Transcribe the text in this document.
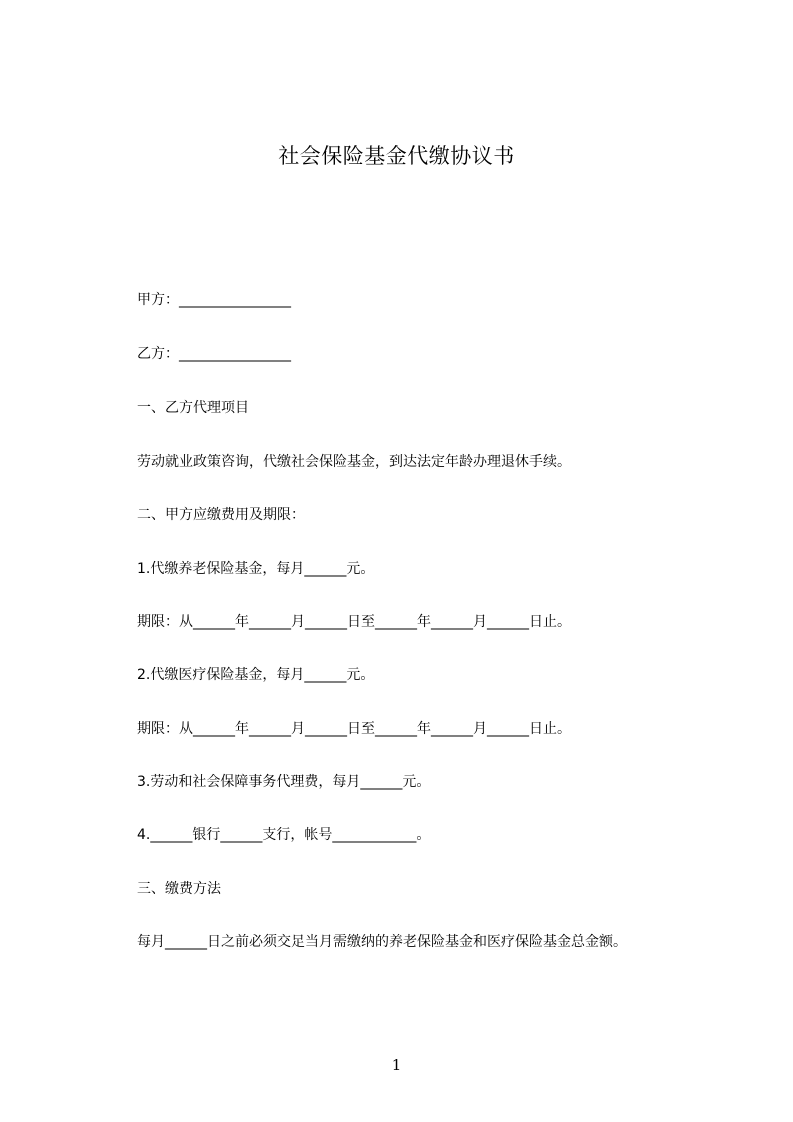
社会保险基金代缴协议书
甲方：________________
乙方：________________
一、乙方代理项目
劳动就业政策咨询，代缴社会保险基金，到达法定年龄办理退休手续。
二、甲方应缴费用及期限：
1.代缴养老保险基金，每月______元。
期限：从______年______月______日至______年______月______日止。
2.代缴医疗保险基金，每月______元。
期限：从______年______月______日至______年______月______日止。
3.劳动和社会保障事务代理费，每月______元。
4.______银行______支行，帐号____________。
三、缴费方法
每月______日之前必须交足当月需缴纳的养老保险基金和医疗保险基金总金额。
1
